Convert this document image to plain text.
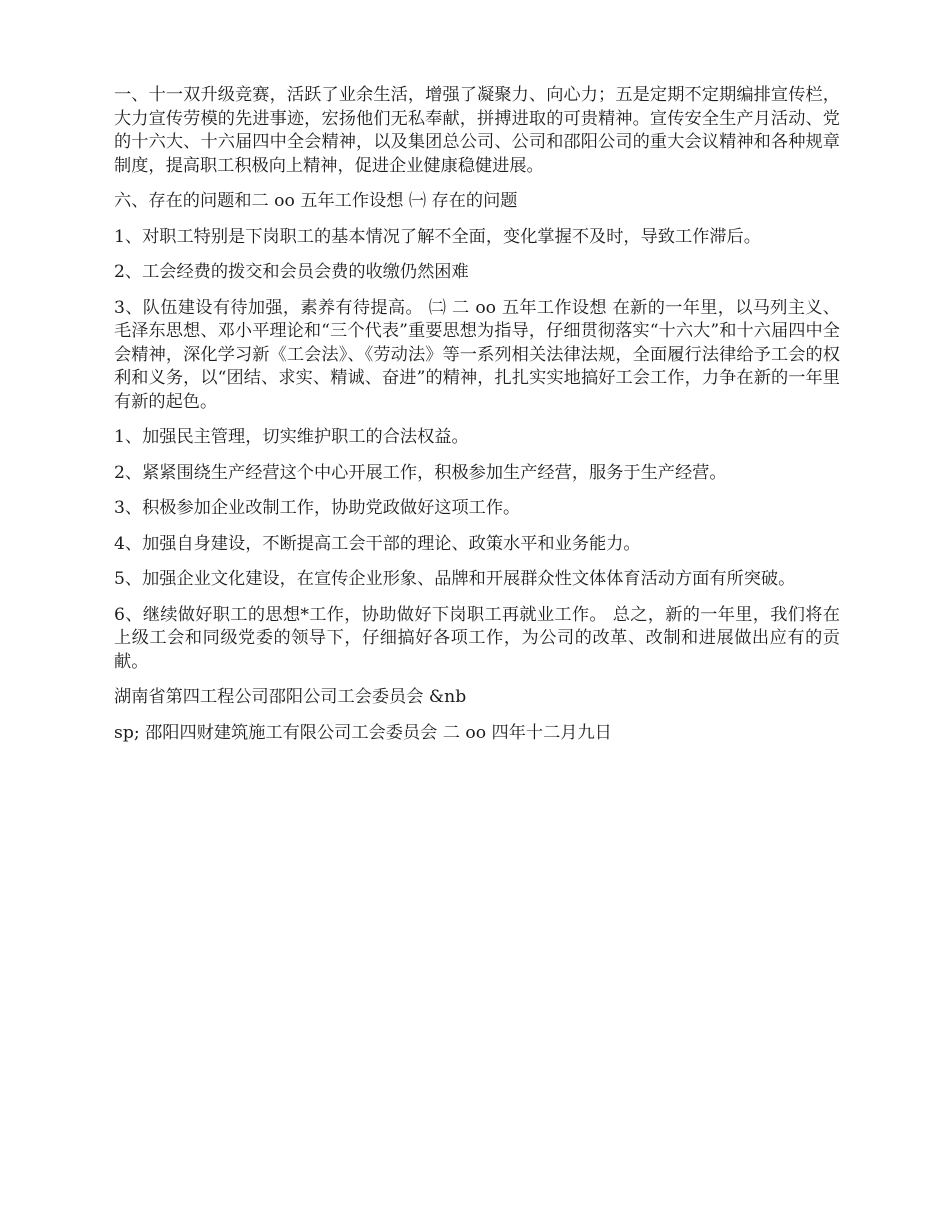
一、十一双升级竞赛，活跃了业余生活，增强了凝聚力、向心力；五是定期不定期编排宣传栏，大力宣传劳模的先进事迹，宏扬他们无私奉献，拼搏进取的可贵精神。宣传安全生产月活动、党的十六大、十六届四中全会精神，以及集团总公司、公司和邵阳公司的重大会议精神和各种规章制度，提高职工积极向上精神，促进企业健康稳健进展。

六、存在的问题和二 oo 五年工作设想 ㈠ 存在的问题

1、对职工特别是下岗职工的基本情况了解不全面，变化掌握不及时，导致工作滞后。

2、工会经费的拨交和会员会费的收缴仍然困难

3、队伍建设有待加强，素养有待提高。 ㈡ 二 oo 五年工作设想 在新的一年里，以马列主义、毛泽东思想、邓小平理论和“三个代表”重要思想为指导，仔细贯彻落实“十六大”和十六届四中全会精神，深化学习新《工会法》、《劳动法》等一系列相关法律法规，全面履行法律给予工会的权利和义务，以“团结、求实、精诚、奋进”的精神，扎扎实实地搞好工会工作，力争在新的一年里有新的起色。

1、加强民主管理，切实维护职工的合法权益。

2、紧紧围绕生产经营这个中心开展工作，积极参加生产经营，服务于生产经营。

3、积极参加企业改制工作，协助党政做好这项工作。

4、加强自身建设，不断提高工会干部的理论、政策水平和业务能力。

5、加强企业文化建设，在宣传企业形象、品牌和开展群众性文体体育活动方面有所突破。

6、继续做好职工的思想*工作，协助做好下岗职工再就业工作。 总之，新的一年里，我们将在上级工会和同级党委的领导下，仔细搞好各项工作，为公司的改革、改制和进展做出应有的贡献。

湖南省第四工程公司邵阳公司工会委员会 &nb

sp; 邵阳四财建筑施工有限公司工会委员会 二 oo 四年十二月九日
